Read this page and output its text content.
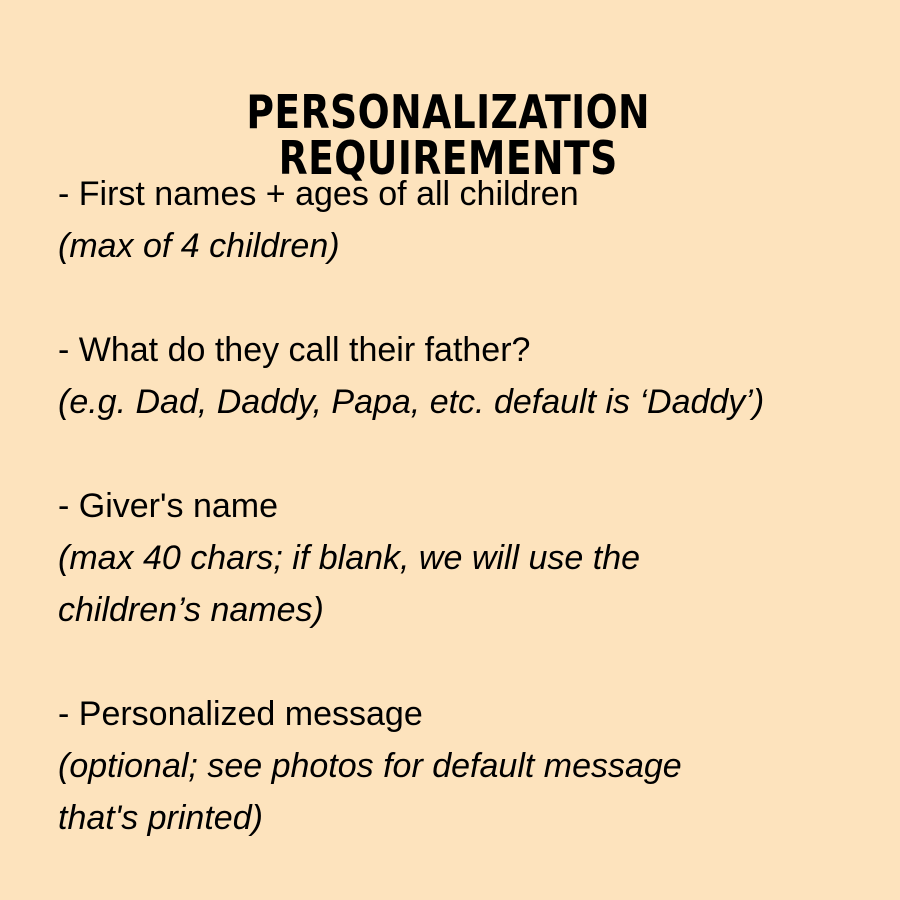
PERSONALIZATION REQUIREMENTS
- First names + ages of all children
(max of 4 children)
- What do they call their father?
(e.g. Dad, Daddy, Papa, etc. default is ‘Daddy’)
- Giver's name
(max 40 chars; if blank, we will use the
children’s names)
- Personalized message
(optional; see photos for default message
that's printed)
